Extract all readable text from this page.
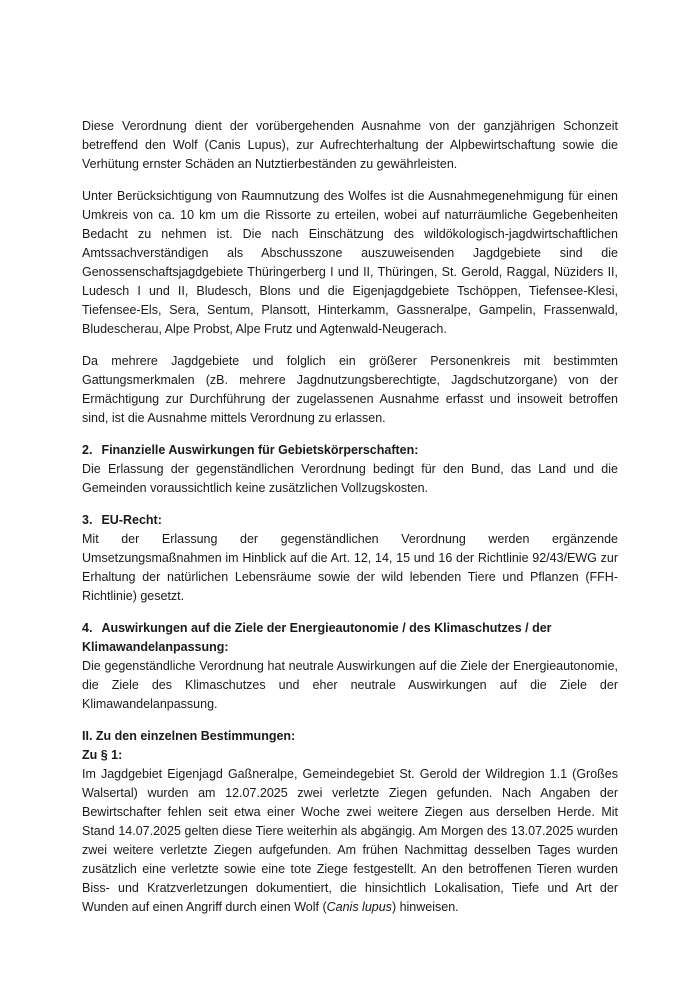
Diese Verordnung dient der vorübergehenden Ausnahme von der ganzjährigen Schonzeit betreffend den Wolf (Canis Lupus), zur Aufrechterhaltung der Alpbewirtschaftung sowie die Verhütung ernster Schäden an Nutztierbeständen zu gewährleisten.

Unter Berücksichtigung von Raumnutzung des Wolfes ist die Ausnahmegenehmigung für einen Umkreis von ca. 10 km um die Rissorte zu erteilen, wobei auf naturräumliche Gegebenheiten Bedacht zu nehmen ist. Die nach Einschätzung des wildökologisch-jagdwirtschaftlichen Amtssachverständigen als Abschusszone auszuweisenden Jagdgebiete sind die Genossenschaftsjagdgebiete Thüringerberg I und II, Thüringen, St. Gerold, Raggal, Nüziders II, Ludesch I und II, Bludesch, Blons und die Eigenjagdgebiete Tschöppen, Tiefensee-Klesi, Tiefensee-Els, Sera, Sentum, Plansott, Hinterkamm, Gassneralpe, Gampelin, Frassenwald, Bludescherau, Alpe Probst, Alpe Frutz und Agtenwald-Neugerach.

Da mehrere Jagdgebiete und folglich ein größerer Personenkreis mit bestimmten Gattungsmerkmalen (zB. mehrere Jagdnutzungsberechtigte, Jagdschutzorgane) von der Ermächtigung zur Durchführung der zugelassenen Ausnahme erfasst und insoweit betroffen sind, ist die Ausnahme mittels Verordnung zu erlassen.

2. Finanzielle Auswirkungen für Gebietskörperschaften:

Die Erlassung der gegenständlichen Verordnung bedingt für den Bund, das Land und die Gemeinden voraussichtlich keine zusätzlichen Vollzugskosten.

3. EU-Recht:

Mit der Erlassung der gegenständlichen Verordnung werden ergänzende Umsetzungsmaßnahmen im Hinblick auf die Art. 12, 14, 15 und 16 der Richtlinie 92/43/EWG zur Erhaltung der natürlichen Lebensräume sowie der wild lebenden Tiere und Pflanzen (FFH-Richtlinie) gesetzt.

4. Auswirkungen auf die Ziele der Energieautonomie / des Klimaschutzes / der Klimawandelanpassung:

Die gegenständliche Verordnung hat neutrale Auswirkungen auf die Ziele der Energieautonomie, die Ziele des Klimaschutzes und eher neutrale Auswirkungen auf die Ziele der Klimawandelanpassung.

II. Zu den einzelnen Bestimmungen:

Zu § 1:

Im Jagdgebiet Eigenjagd Gaßneralpe, Gemeindegebiet St. Gerold der Wildregion 1.1 (Großes Walsertal) wurden am 12.07.2025 zwei verletzte Ziegen gefunden. Nach Angaben der Bewirtschafter fehlen seit etwa einer Woche zwei weitere Ziegen aus derselben Herde. Mit Stand 14.07.2025 gelten diese Tiere weiterhin als abgängig. Am Morgen des 13.07.2025 wurden zwei weitere verletzte Ziegen aufgefunden. Am frühen Nachmittag desselben Tages wurden zusätzlich eine verletzte sowie eine tote Ziege festgestellt. An den betroffenen Tieren wurden Biss- und Kratzverletzungen dokumentiert, die hinsichtlich Lokalisation, Tiefe und Art der Wunden auf einen Angriff durch einen Wolf (Canis lupus) hinweisen.
